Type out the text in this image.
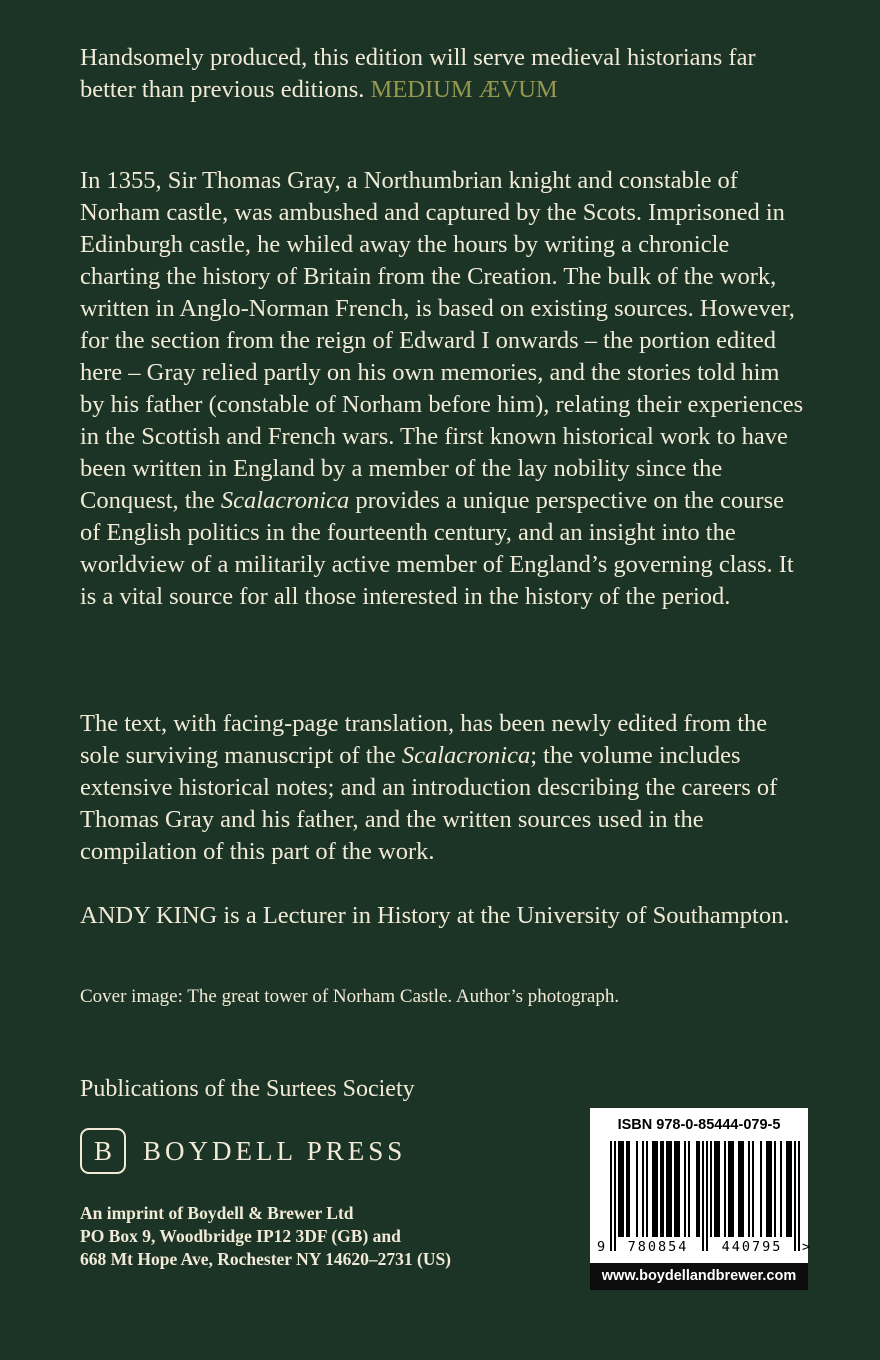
Handsomely produced, this edition will serve medieval historians far better than previous editions. MEDIUM ÆVUM

In 1355, Sir Thomas Gray, a Northumbrian knight and constable of Norham castle, was ambushed and captured by the Scots. Imprisoned in Edinburgh castle, he whiled away the hours by writing a chronicle charting the history of Britain from the Creation. The bulk of the work, written in Anglo-Norman French, is based on existing sources. However, for the section from the reign of Edward I onwards – the portion edited here – Gray relied partly on his own memories, and the stories told him by his father (constable of Norham before him), relating their experiences in the Scottish and French wars. The first known historical work to have been written in England by a member of the lay nobility since the Conquest, the Scalacronica provides a unique perspective on the course of English politics in the fourteenth century, and an insight into the worldview of a militarily active member of England’s governing class. It is a vital source for all those interested in the history of the period.

The text, with facing-page translation, has been newly edited from the sole surviving manuscript of the Scalacronica; the volume includes extensive historical notes; and an introduction describing the careers of Thomas Gray and his father, and the written sources used in the compilation of this part of the work.

ANDY KING is a Lecturer in History at the University of Southampton.

Cover image: The great tower of Norham Castle. Author’s photograph.

Publications of the Surtees Society

B BOYDELL PRESS
An imprint of Boydell & Brewer Ltd
PO Box 9, Woodbridge IP12 3DF (GB) and
668 Mt Hope Ave, Rochester NY 14620–2731 (US)
ISBN 978-0-85444-079-5
9	780854	440795	>
www.boydellandbrewer.com
